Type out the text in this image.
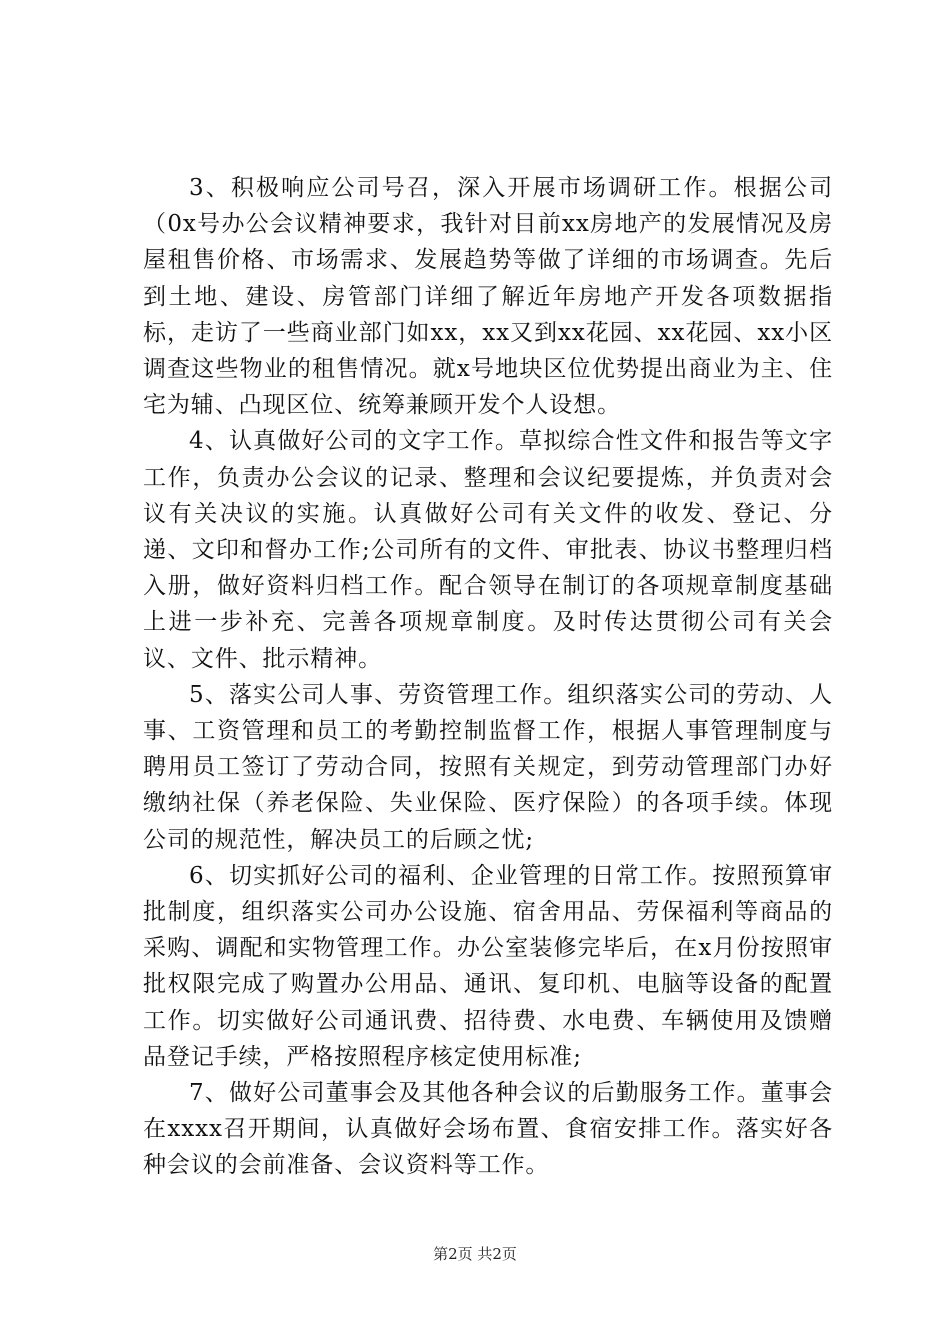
3、积极响应公司号召，深入开展市场调研工作。根据公司（0x号办公会议精神要求，我针对目前xx房地产的发展情况及房屋租售价格、市场需求、发展趋势等做了详细的市场调查。先后到土地、建设、房管部门详细了解近年房地产开发各项数据指标，走访了一些商业部门如xx，xx又到xx花园、xx花园、xx小区调查这些物业的租售情况。就x号地块区位优势提出商业为主、住宅为辅、凸现区位、统筹兼顾开发个人设想。

4、认真做好公司的文字工作。草拟综合性文件和报告等文字工作，负责办公会议的记录、整理和会议纪要提炼，并负责对会议有关决议的实施。认真做好公司有关文件的收发、登记、分递、文印和督办工作;公司所有的文件、审批表、协议书整理归档入册，做好资料归档工作。配合领导在制订的各项规章制度基础上进一步补充、完善各项规章制度。及时传达贯彻公司有关会议、文件、批示精神。

5、落实公司人事、劳资管理工作。组织落实公司的劳动、人事、工资管理和员工的考勤控制监督工作，根据人事管理制度与聘用员工签订了劳动合同，按照有关规定，到劳动管理部门办好缴纳社保（养老保险、失业保险、医疗保险）的各项手续。体现公司的规范性，解决员工的后顾之忧;

6、切实抓好公司的福利、企业管理的日常工作。按照预算审批制度，组织落实公司办公设施、宿舍用品、劳保福利等商品的采购、调配和实物管理工作。办公室装修完毕后，在x月份按照审批权限完成了购置办公用品、通讯、复印机、电脑等设备的配置工作。切实做好公司通讯费、招待费、水电费、车辆使用及馈赠品登记手续，严格按照程序核定使用标准;

7、做好公司董事会及其他各种会议的后勤服务工作。董事会在xxxx召开期间，认真做好会场布置、食宿安排工作。落实好各种会议的会前准备、会议资料等工作。

第2页 共2页
